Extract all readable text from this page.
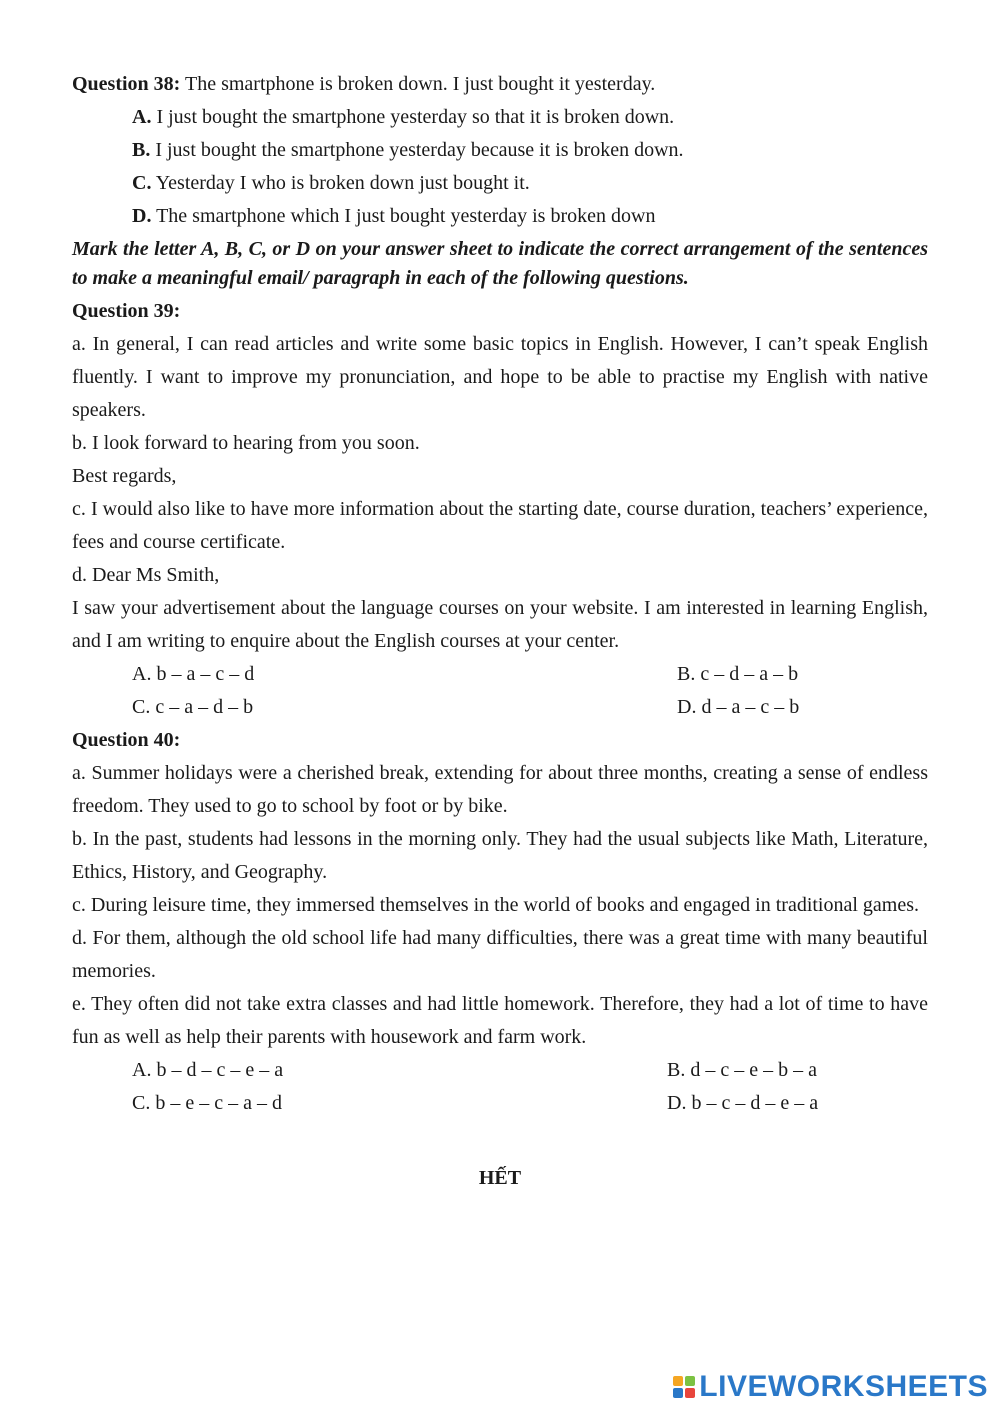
Question 38: The smartphone is broken down. I just bought it yesterday.

A. I just bought the smartphone yesterday so that it is broken down.

B. I just bought the smartphone yesterday because it is broken down.

C. Yesterday I who is broken down just bought it.

D. The smartphone which I just bought yesterday is broken down

Mark the letter A, B, C, or D on your answer sheet to indicate the correct arrangement of the sentences to make a meaningful email/ paragraph in each of the following questions.

Question 39:

a. In general, I can read articles and write some basic topics in English. However, I can’t speak English fluently. I want to improve my pronunciation, and hope to be able to practise my English with native speakers.

b. I look forward to hearing from you soon.

Best regards,

c. I would also like to have more information about the starting date, course duration, teachers’ experience, fees and course certificate.

d. Dear Ms Smith,

I saw your advertisement about the language courses on your website. I am interested in learning English, and I am writing to enquire about the English courses at your center.

A. b – a – c – d	B. c – d – a – b
C. c – a – d – b	D. d – a – c – b

Question 40:

a. Summer holidays were a cherished break, extending for about three months, creating a sense of endless freedom. They used to go to school by foot or by bike.

b. In the past, students had lessons in the morning only. They had the usual subjects like Math, Literature, Ethics, History, and Geography.

c. During leisure time, they immersed themselves in the world of books and engaged in traditional games.

d. For them, although the old school life had many difficulties, there was a great time with many beautiful memories.

e. They often did not take extra classes and had little homework. Therefore, they had a lot of time to have fun as well as help their parents with housework and farm work.

A. b – d – c – e – a	B. d – c – e – b – a
C. b – e – c – a – d	D. b – c – d – e – a

HẾT

LIVEWORKSHEETS
